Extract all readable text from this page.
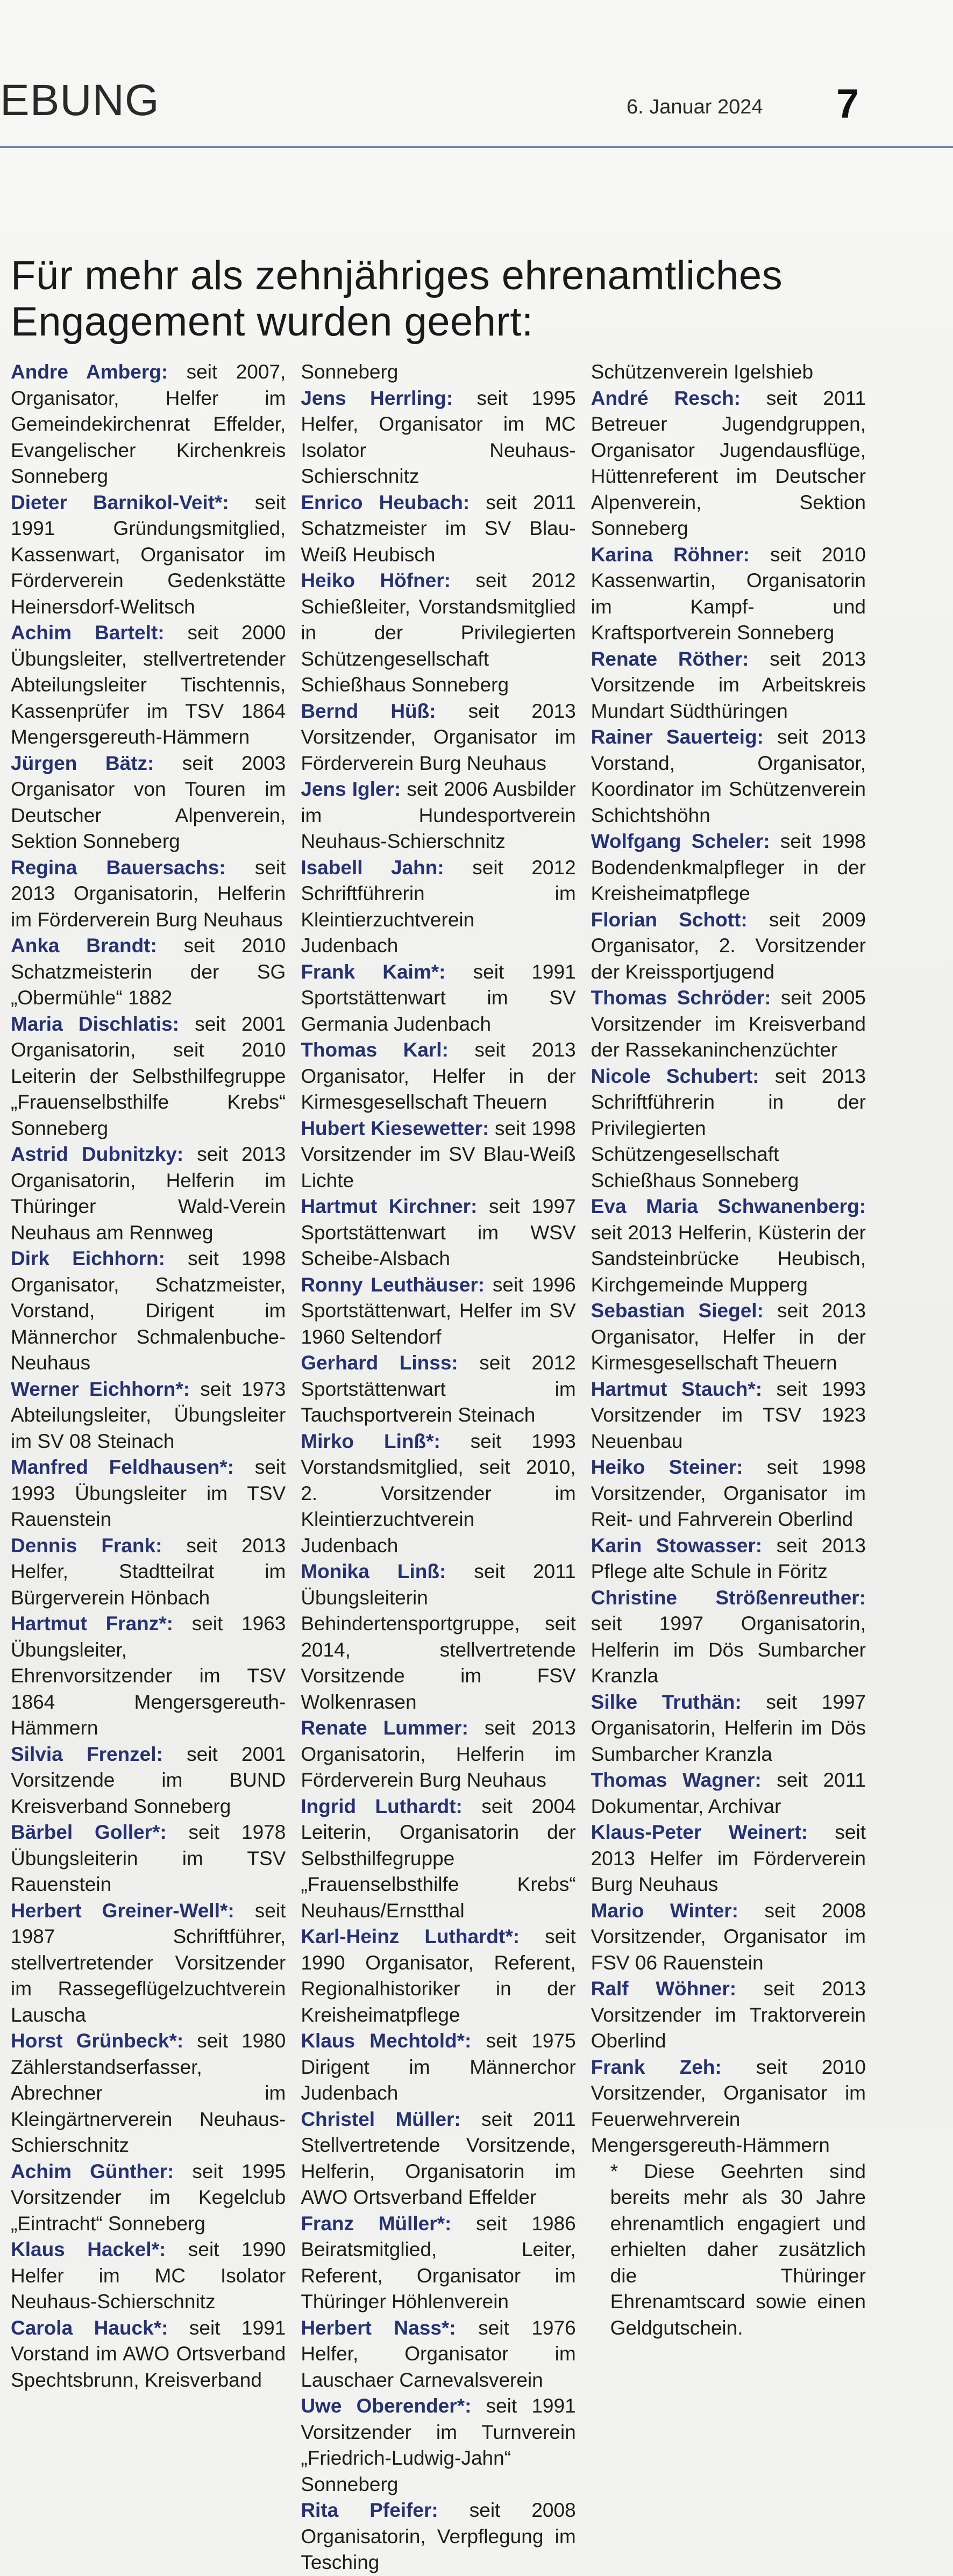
EBUNG	6. Januar 2024 7
Für mehr als zehnjähriges ehrenamtliches
Engagement wurden geehrt:
Andre Amberg: seit 2007, Organisator, Helfer im Gemeindekirchenrat Effelder, Evangelischer Kirchenkreis Sonneberg
Dieter Barnikol-Veit*: seit 1991 Gründungsmitglied, Kassenwart, Organisator im Förderverein Gedenkstätte Heinersdorf-Welitsch
Achim Bartelt: seit 2000 Übungsleiter, stellvertretender Abteilungsleiter Tischtennis, Kassenprüfer im TSV 1864 Mengersgereuth-Hämmern
Jürgen Bätz: seit 2003 Organisator von Touren im Deutscher Alpenverein, Sektion Sonneberg
Regina Bauersachs: seit 2013 Organisatorin, Helferin im Förderverein Burg Neuhaus
Anka Brandt: seit 2010 Schatzmeisterin der SG „Obermühle“ 1882
Maria Dischlatis: seit 2001 Organisatorin, seit 2010 Leiterin der Selbsthilfegruppe „Frauenselbsthilfe Krebs“ Sonneberg
Astrid Dubnitzky: seit 2013 Organisatorin, Helferin im Thüringer Wald-Verein Neuhaus am Rennweg
Dirk Eichhorn: seit 1998 Organisator, Schatzmeister, Vorstand, Dirigent im Männerchor Schmalenbuche-Neuhaus
Werner Eichhorn*: seit 1973 Abteilungsleiter, Übungsleiter im SV 08 Steinach
Manfred Feldhausen*: seit 1993 Übungsleiter im TSV Rauenstein
Dennis Frank: seit 2013 Helfer, Stadtteilrat im Bürgerverein Hönbach
Hartmut Franz*: seit 1963 Übungsleiter, Ehrenvorsitzender im TSV 1864 Mengersgereuth-Hämmern
Silvia Frenzel: seit 2001 Vorsitzende im BUND Kreisverband Sonneberg
Bärbel Goller*: seit 1978 Übungsleiterin im TSV Rauenstein
Herbert Greiner-Well*: seit 1987 Schriftführer, stellvertretender Vorsitzender im Rassegeflügelzuchtverein Lauscha
Horst Grünbeck*: seit 1980 Zählerstandserfasser, Abrechner im Kleingärtnerverein Neuhaus-Schierschnitz
Achim Günther: seit 1995 Vorsitzender im Kegelclub „Eintracht“ Sonneberg
Klaus Hackel*: seit 1990 Helfer im MC Isolator Neuhaus-Schierschnitz
Carola Hauck*: seit 1991 Vorstand im AWO Ortsverband Spechtsbrunn, Kreisverband
Sonneberg
Jens Herrling: seit 1995 Helfer, Organisator im MC Isolator Neuhaus-Schierschnitz
Enrico Heubach: seit 2011 Schatzmeister im SV Blau-Weiß Heubisch
Heiko Höfner: seit 2012 Schießleiter, Vorstandsmitglied in der Privilegierten Schützengesellschaft Schießhaus Sonneberg
Bernd Hüß: seit 2013 Vorsitzender, Organisator im Förderverein Burg Neuhaus
Jens Igler: seit 2006 Ausbilder im Hundesportverein Neuhaus-Schierschnitz
Isabell Jahn: seit 2012 Schriftführerin im Kleintierzuchtverein Judenbach
Frank Kaim*: seit 1991 Sportstättenwart im SV Germania Judenbach
Thomas Karl: seit 2013 Organisator, Helfer in der Kirmesgesellschaft Theuern
Hubert Kiesewetter: seit 1998 Vorsitzender im SV Blau-Weiß Lichte
Hartmut Kirchner: seit 1997 Sportstättenwart im WSV Scheibe-Alsbach
Ronny Leuthäuser: seit 1996 Sportstättenwart, Helfer im SV 1960 Seltendorf
Gerhard Linss: seit 2012 Sportstättenwart im Tauchsportverein Steinach
Mirko Linß*: seit 1993 Vorstandsmitglied, seit 2010, 2. Vorsitzender im Kleintierzuchtverein Judenbach
Monika Linß: seit 2011 Übungsleiterin Behindertensportgruppe, seit 2014, stellvertretende Vorsitzende im FSV Wolkenrasen
Renate Lummer: seit 2013 Organisatorin, Helferin im Förderverein Burg Neuhaus
Ingrid Luthardt: seit 2004 Leiterin, Organisatorin der Selbsthilfegruppe „Frauenselbsthilfe Krebs“ Neuhaus/Ernstthal
Karl-Heinz Luthardt*: seit 1990 Organisator, Referent, Regionalhistoriker in der Kreisheimatpflege
Klaus Mechtold*: seit 1975 Dirigent im Männerchor Judenbach
Christel Müller: seit 2011 Stellvertretende Vorsitzende, Helferin, Organisatorin im AWO Ortsverband Effelder
Franz Müller*: seit 1986 Beiratsmitglied, Leiter, Referent, Organisator im Thüringer Höhlenverein
Herbert Nass*: seit 1976 Helfer, Organisator im Lauschaer Carnevalsverein
Uwe Oberender*: seit 1991 Vorsitzender im Turnverein „Friedrich-Ludwig-Jahn“ Sonneberg
Rita Pfeifer: seit 2008 Organisatorin, Verpflegung im Tesching
Schützenverein Igelshieb
André Resch: seit 2011 Betreuer Jugendgruppen, Organisator Jugendausflüge, Hüttenreferent im Deutscher Alpenverein, Sektion Sonneberg
Karina Röhner: seit 2010 Kassenwartin, Organisatorin im Kampf- und Kraftsportverein Sonneberg
Renate Röther: seit 2013 Vorsitzende im Arbeitskreis Mundart Südthüringen
Rainer Sauerteig: seit 2013 Vorstand, Organisator, Koordinator im Schützenverein Schichtshöhn
Wolfgang Scheler: seit 1998 Bodendenkmalpfleger in der Kreisheimatpflege
Florian Schott: seit 2009 Organisator, 2. Vorsitzender der Kreissportjugend
Thomas Schröder: seit 2005 Vorsitzender im Kreisverband der Rassekaninchenzüchter
Nicole Schubert: seit 2013 Schriftführerin in der Privilegierten Schützengesellschaft Schießhaus Sonneberg
Eva Maria Schwanenberg: seit 2013 Helferin, Küsterin der Sandsteinbrücke Heubisch, Kirchgemeinde Mupperg
Sebastian Siegel: seit 2013 Organisator, Helfer in der Kirmesgesellschaft Theuern
Hartmut Stauch*: seit 1993 Vorsitzender im TSV 1923 Neuenbau
Heiko Steiner: seit 1998 Vorsitzender, Organisator im Reit- und Fahrverein Oberlind
Karin Stowasser: seit 2013 Pflege alte Schule in Föritz
Christine Strößenreuther: seit 1997 Organisatorin, Helferin im Dös Sumbarcher Kranzla
Silke Truthän: seit 1997 Organisatorin, Helferin im Dös Sumbarcher Kranzla
Thomas Wagner: seit 2011 Dokumentar, Archivar
Klaus-Peter Weinert: seit 2013 Helfer im Förderverein Burg Neuhaus
Mario Winter: seit 2008 Vorsitzender, Organisator im FSV 06 Rauenstein
Ralf Wöhner: seit 2013 Vorsitzender im Traktorverein Oberlind
Frank Zeh: seit 2010 Vorsitzender, Organisator im Feuerwehrverein Mengersgereuth-Hämmern
* Diese Geehrten sind bereits mehr als 30 Jahre ehrenamtlich engagiert und erhielten daher zusätzlich die Thüringer Ehrenamtscard sowie einen Geldgutschein.
